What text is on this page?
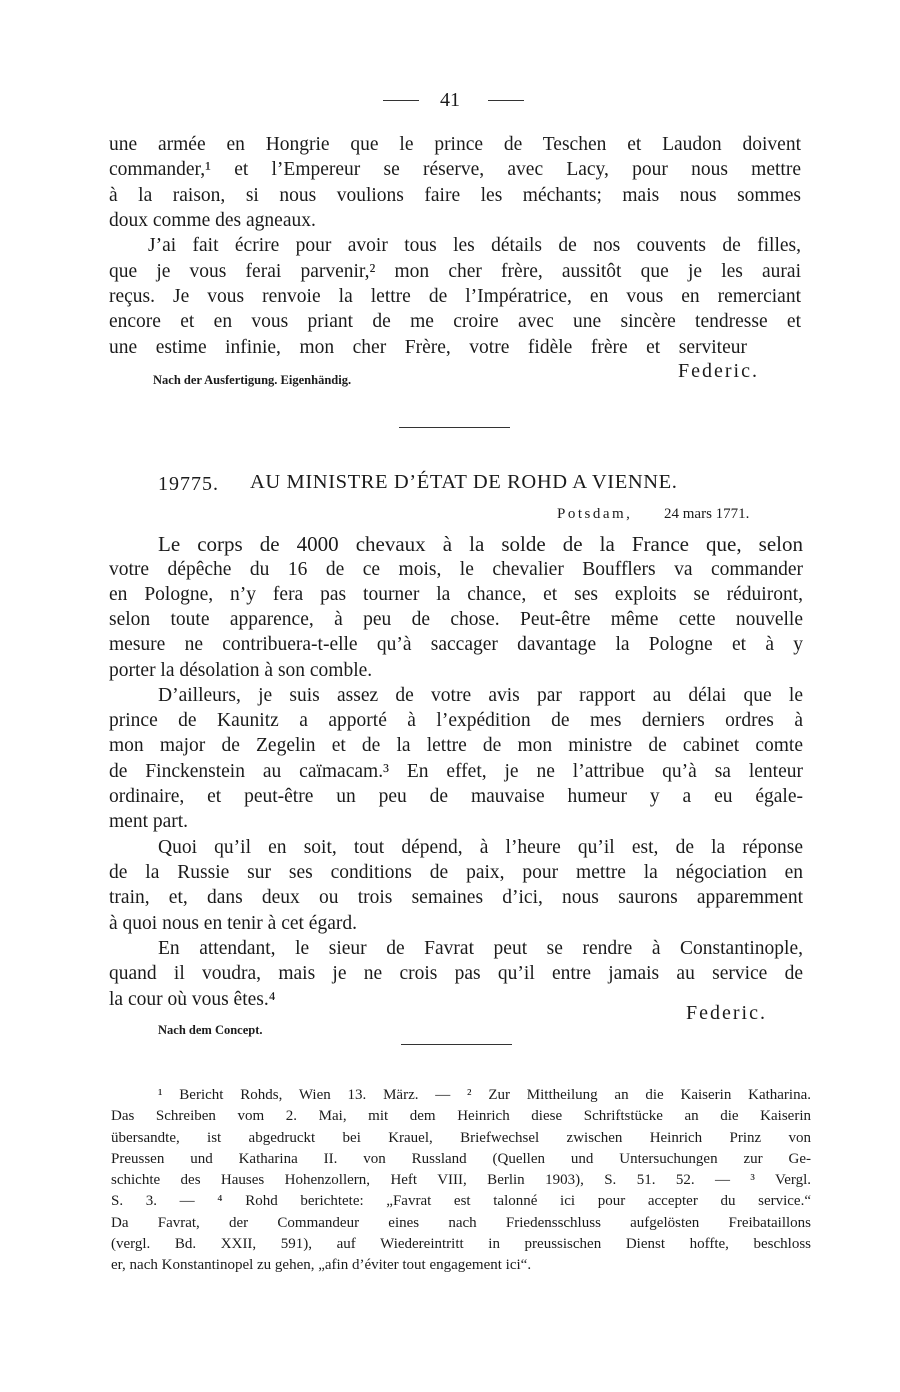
41

une armée en Hongrie que le prince de Teschen et Laudon doivent

commander,¹ et l’Empereur se réserve, avec Lacy, pour nous mettre

à la raison, si nous voulions faire les méchants; mais nous sommes

doux comme des agneaux.

J’ai fait écrire pour avoir tous les détails de nos couvents de filles,

que je vous ferai parvenir,² mon cher frère, aussitôt que je les aurai

reçus. Je vous renvoie la lettre de l’Impératrice, en vous en remerciant

encore et en vous priant de me croire avec une sincère tendresse et

une estime infinie, mon cher Frère, votre fidèle frère et serviteur

Nach der Ausfertigung. Eigenhändig.	Federic.
19775.	AU MINISTRE D’ÉTAT DE ROHD A VIENNE.
Potsdam,	24 mars 1771.

Le corps de 4000 chevaux à la solde de la France que, selon

votre dépêche du 16 de ce mois, le chevalier Boufflers va commander

en Pologne, n’y fera pas tourner la chance, et ses exploits se réduiront,

selon toute apparence, à peu de chose. Peut-être même cette nouvelle

mesure ne contribuera-t-elle qu’à saccager davantage la Pologne et à y

porter la désolation à son comble.

D’ailleurs, je suis assez de votre avis par rapport au délai que le

prince de Kaunitz a apporté à l’expédition de mes derniers ordres à

mon major de Zegelin et de la lettre de mon ministre de cabinet comte

de Finckenstein au caïmacam.³ En effet, je ne l’attribue qu’à sa lenteur

ordinaire, et peut-être un peu de mauvaise humeur y a eu égale-

ment part.

Quoi qu’il en soit, tout dépend, à l’heure qu’il est, de la réponse

de la Russie sur ses conditions de paix, pour mettre la négociation en

train, et, dans deux ou trois semaines d’ici, nous saurons apparemment

à quoi nous en tenir à cet égard.

En attendant, le sieur de Favrat peut se rendre à Constantinople,

quand il voudra, mais je ne crois pas qu’il entre jamais au service de

la cour où vous êtes.⁴

Federic.
Nach dem Concept.

¹ Bericht Rohds, Wien 13. März. — ² Zur Mittheilung an die Kaiserin Katharina.

Das Schreiben vom 2. Mai, mit dem Heinrich diese Schriftstücke an die Kaiserin

übersandte, ist abgedruckt bei Krauel, Briefwechsel zwischen Heinrich Prinz von

Preussen und Katharina II. von Russland (Quellen und Untersuchungen zur Ge-

schichte des Hauses Hohenzollern, Heft VIII, Berlin 1903), S. 51. 52. — ³ Vergl.

S. 3. — ⁴ Rohd berichtete: „Favrat est talonné ici pour accepter du service.“

Da Favrat, der Commandeur eines nach Friedensschluss aufgelösten Freibataillons

(vergl. Bd. XXII, 591), auf Wiedereintritt in preussischen Dienst hoffte, beschloss

er, nach Konstantinopel zu gehen, „afin d’éviter tout engagement ici“.
